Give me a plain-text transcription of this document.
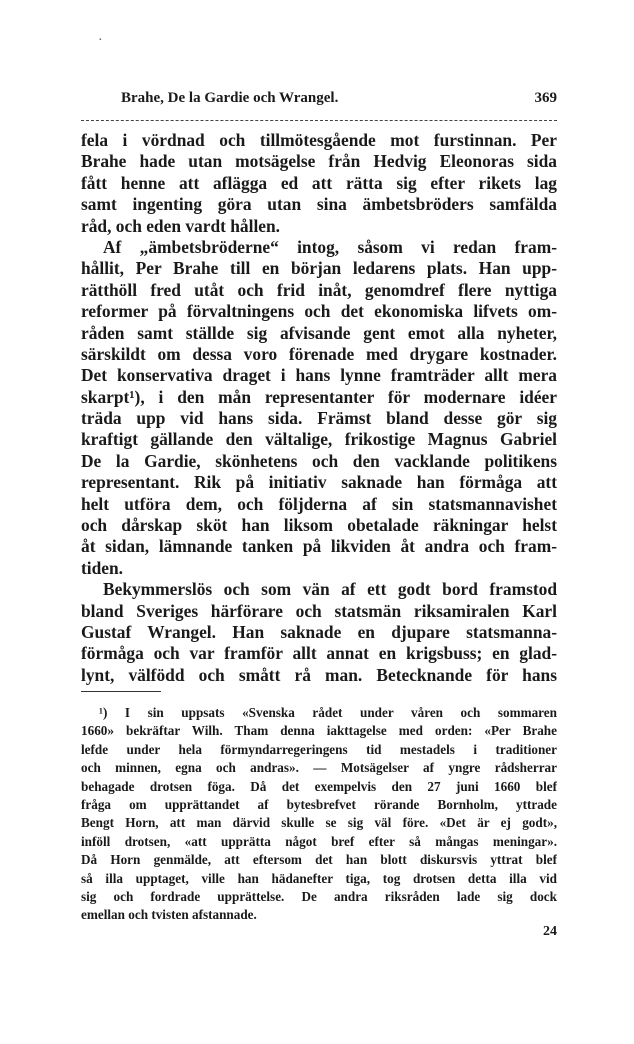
·
Brahe, De la Gardie och Wrangel.	369
fela i vördnad och tillmötesgående mot furstinnan. Per
Brahe hade utan motsägelse från Hedvig Eleonoras sida
fått henne att aflägga ed att rätta sig efter rikets lag
samt ingenting göra utan sina ämbetsbröders samfälda
råd, och eden vardt hållen.
Af „ämbetsbröderne“ intog, såsom vi redan fram-
hållit, Per Brahe till en början ledarens plats. Han upp-
rätthöll fred utåt och frid inåt, genomdref flere nyttiga
reformer på förvaltningens och det ekonomiska lifvets om-
råden samt ställde sig afvisande gent emot alla nyheter,
särskildt om dessa voro förenade med drygare kostnader.
Det konservativa draget i hans lynne framträder allt mera
skarpt¹), i den mån representanter för modernare idéer
träda upp vid hans sida. Främst bland desse gör sig
kraftigt gällande den vältalige, frikostige Magnus Gabriel
De la Gardie, skönhetens och den vacklande politikens
representant. Rik på initiativ saknade han förmåga att
helt utföra dem, och följderna af sin statsmannavishet
och dårskap sköt han liksom obetalade räkningar helst
åt sidan, lämnande tanken på likviden åt andra och fram-
tiden.
Bekymmerslös och som vän af ett godt bord framstod
bland Sveriges härförare och statsmän riksamiralen Karl
Gustaf Wrangel. Han saknade en djupare statsmanna-
förmåga och var framför allt annat en krigsbuss; en glad-
lynt, välfödd och smått rå man. Betecknande för hans
¹) I sin uppsats «Svenska rådet under våren och sommaren
1660» bekräftar Wilh. Tham denna iakttagelse med orden: «Per Brahe
lefde under hela förmyndarregeringens tid mestadels i traditioner
och minnen, egna och andras». — Motsägelser af yngre rådsherrar
behagade drotsen föga. Då det exempelvis den 27 juni 1660 blef
fråga om upprättandet af bytesbrefvet rörande Bornholm, yttrade
Bengt Horn, att man därvid skulle se sig väl före. «Det är ej godt»,
inföll drotsen, «att upprätta något bref efter så mångas meningar».
Då Horn genmälde, att eftersom det han blott diskursvis yttrat blef
så illa upptaget, ville han hädanefter tiga, tog drotsen detta illa vid
sig och fordrade upprättelse. De andra riksråden lade sig dock
emellan och tvisten afstannade.
24
